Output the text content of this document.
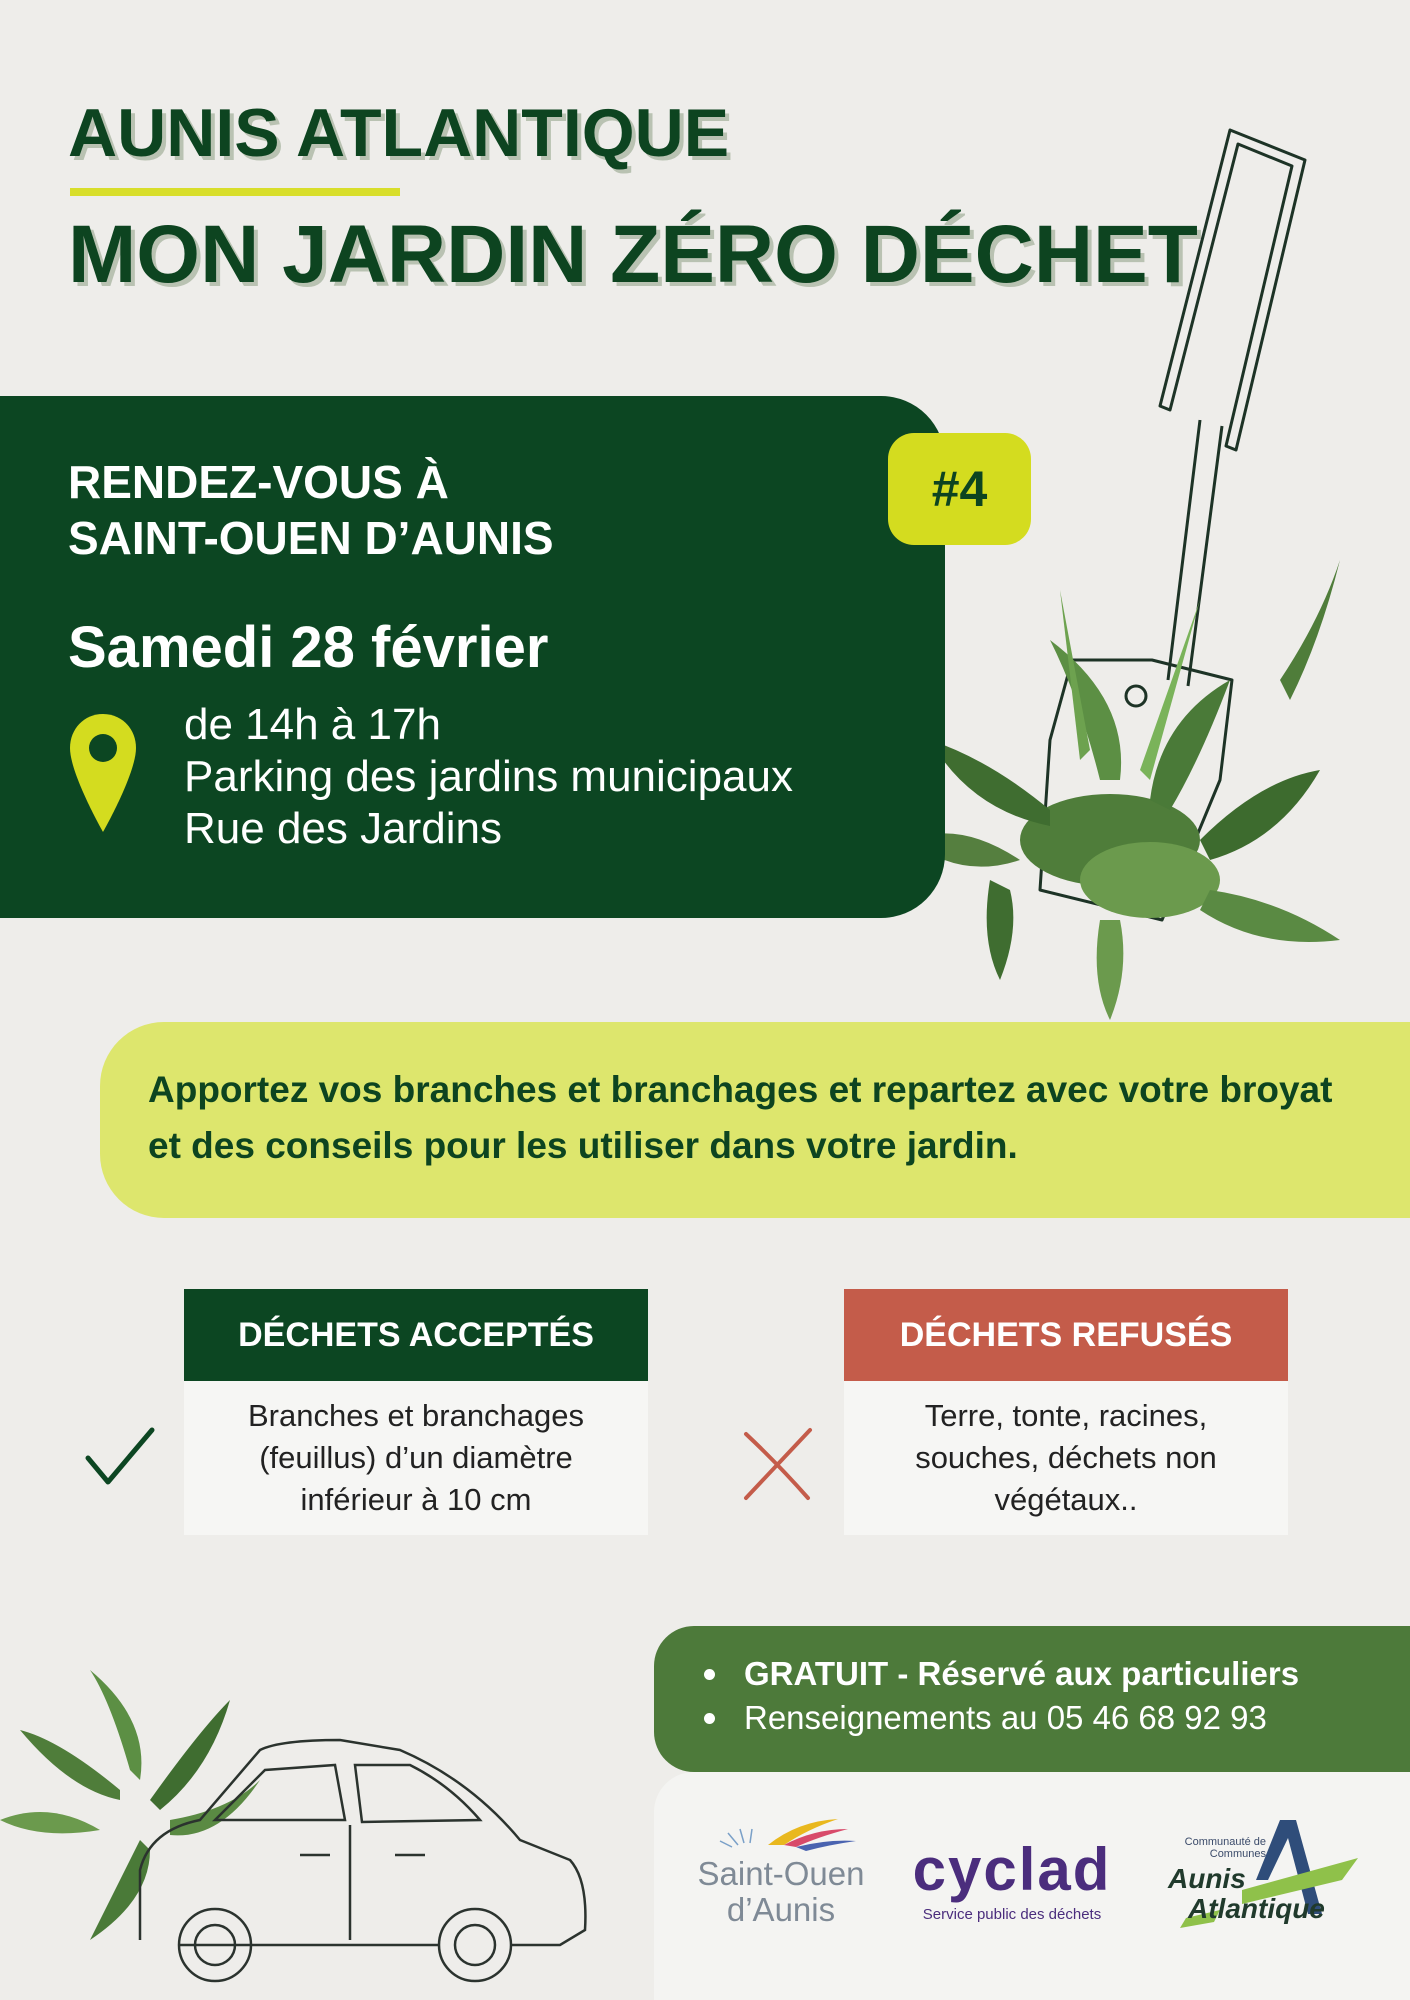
AUNIS ATLANTIQUE
MON JARDIN ZÉRO DÉCHET
#4
RENDEZ-VOUS À
SAINT-OUEN D’AUNIS
Samedi 28 février
de 14h à 17h
Parking des jardins municipaux
Rue des Jardins
Apportez vos branches et branchages et repartez avec votre broyat et des conseils pour les utiliser dans votre jardin.
DÉCHETS ACCEPTÉS
Branches et branchages (feuillus) d’un diamètre inférieur à 10 cm
DÉCHETS REFUSÉS
Terre, tonte, racines, souches, déchets non végétaux..
GRATUIT - Réservé aux particuliers
Renseignements au 05 46 68 92 93
Saint-Ouen
d’Aunis
cyclad
Service public des déchets
Communauté de Communes
Aunis
Atlantique
